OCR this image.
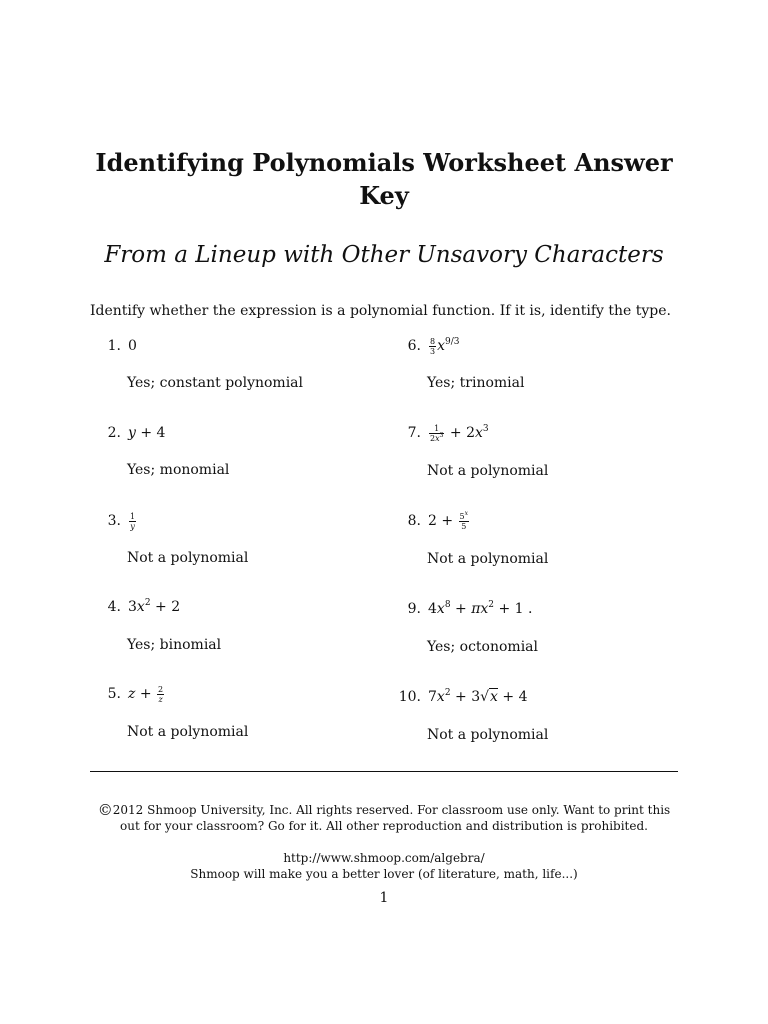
Identifying Polynomials Worksheet Answer
Key
From a Lineup with Other Unsavory Characters
Identify whether the expression is a polynomial function. If it is, identify the type.
1. 0
Yes; constant polynomial
2. y + 4
Yes; monomial
3. $\frac{1}{y}$
Not a polynomial
4. $3x^2 + 2$
Yes; binomial
5. $z + \frac{2}{z}$
Not a polynomial
6. $\frac{8}{3} x^{9/3}$
Yes; trinomial
7. $\frac{1}{2x^3} + 2x^3$
Not a polynomial
8. $2 + \frac{5^x}{5}$
Not a polynomial
9. $4x^8 + \pi x^2 + 1$ .
Yes; octonomial
10. $7x^2 + 3√x + 4$
Not a polynomial

©2012 Shmoop University, Inc. All rights reserved. For classroom use only. Want to print this out for your classroom? Go for it. All other reproduction and distribution is prohibited.

http://www.shmoop.com/algebra/

Shmoop will make you a better lover (of literature, math, life...)

1
